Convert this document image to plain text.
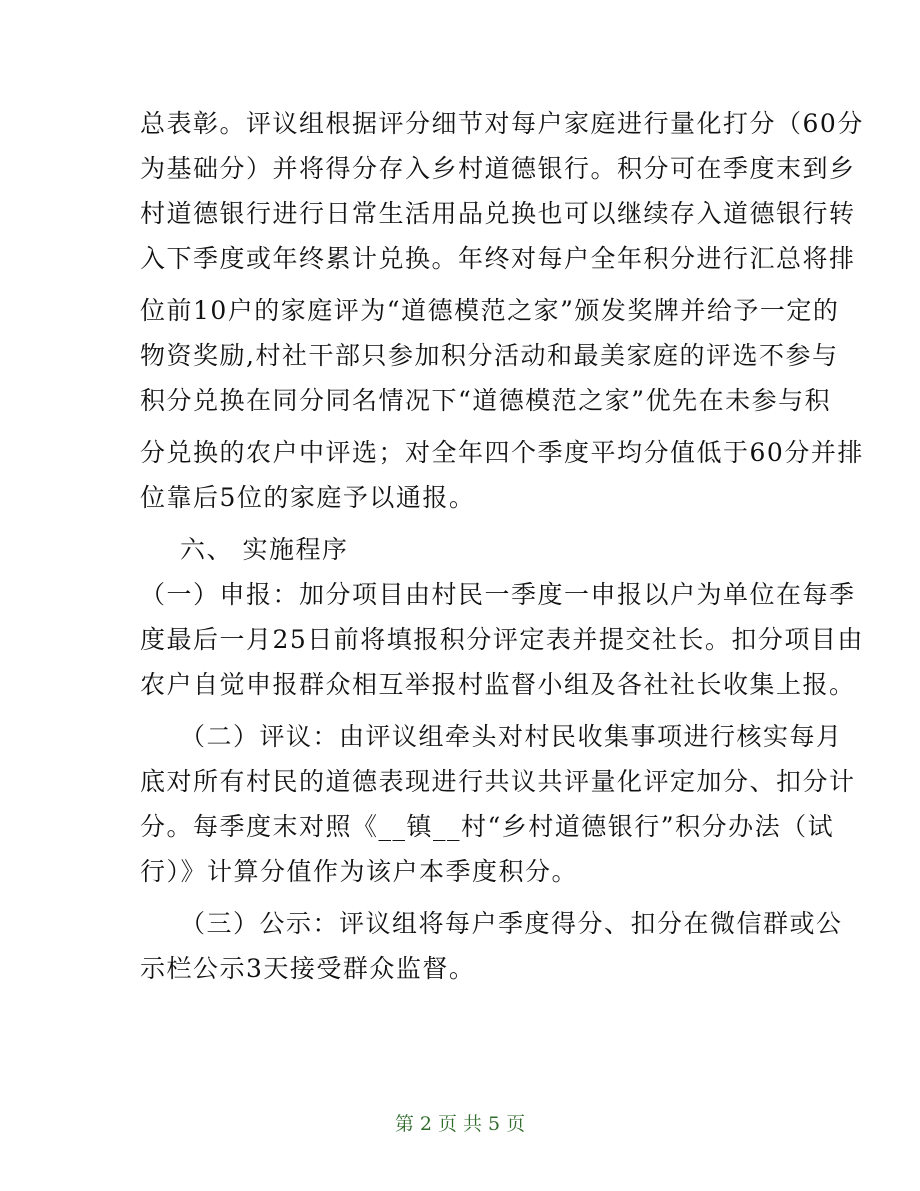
总表彰。评议组根据评分细节对每户家庭进行量化打分（60分
为基础分）并将得分存入乡村道德银行。积分可在季度末到乡
村道德银行进行日常生活用品兑换也可以继续存入道德银行转
入下季度或年终累计兑换。年终对每户全年积分进行汇总将排
位前10户的家庭评为“道德模范之家”颁发奖牌并给予一定的
物资奖励,村社干部只参加积分活动和最美家庭的评选不参与
积分兑换在同分同名情况下“道德模范之家”优先在未参与积
分兑换的农户中评选；对全年四个季度平均分值低于60分并排
位靠后5位的家庭予以通报。
六、 实施程序
（一）申报：加分项目由村民一季度一申报以户为单位在每季
度最后一月25日前将填报积分评定表并提交社长。扣分项目由
农户自觉申报群众相互举报村监督小组及各社社长收集上报。
（二）评议：由评议组牵头对村民收集事项进行核实每月
底对所有村民的道德表现进行共议共评量化评定加分、扣分计
分。每季度末对照《__镇__村“乡村道德银行”积分办法（试
行）》计算分值作为该户本季度积分。
（三）公示：评议组将每户季度得分、扣分在微信群或公
示栏公示3天接受群众监督。
第 2 页 共 5 页
